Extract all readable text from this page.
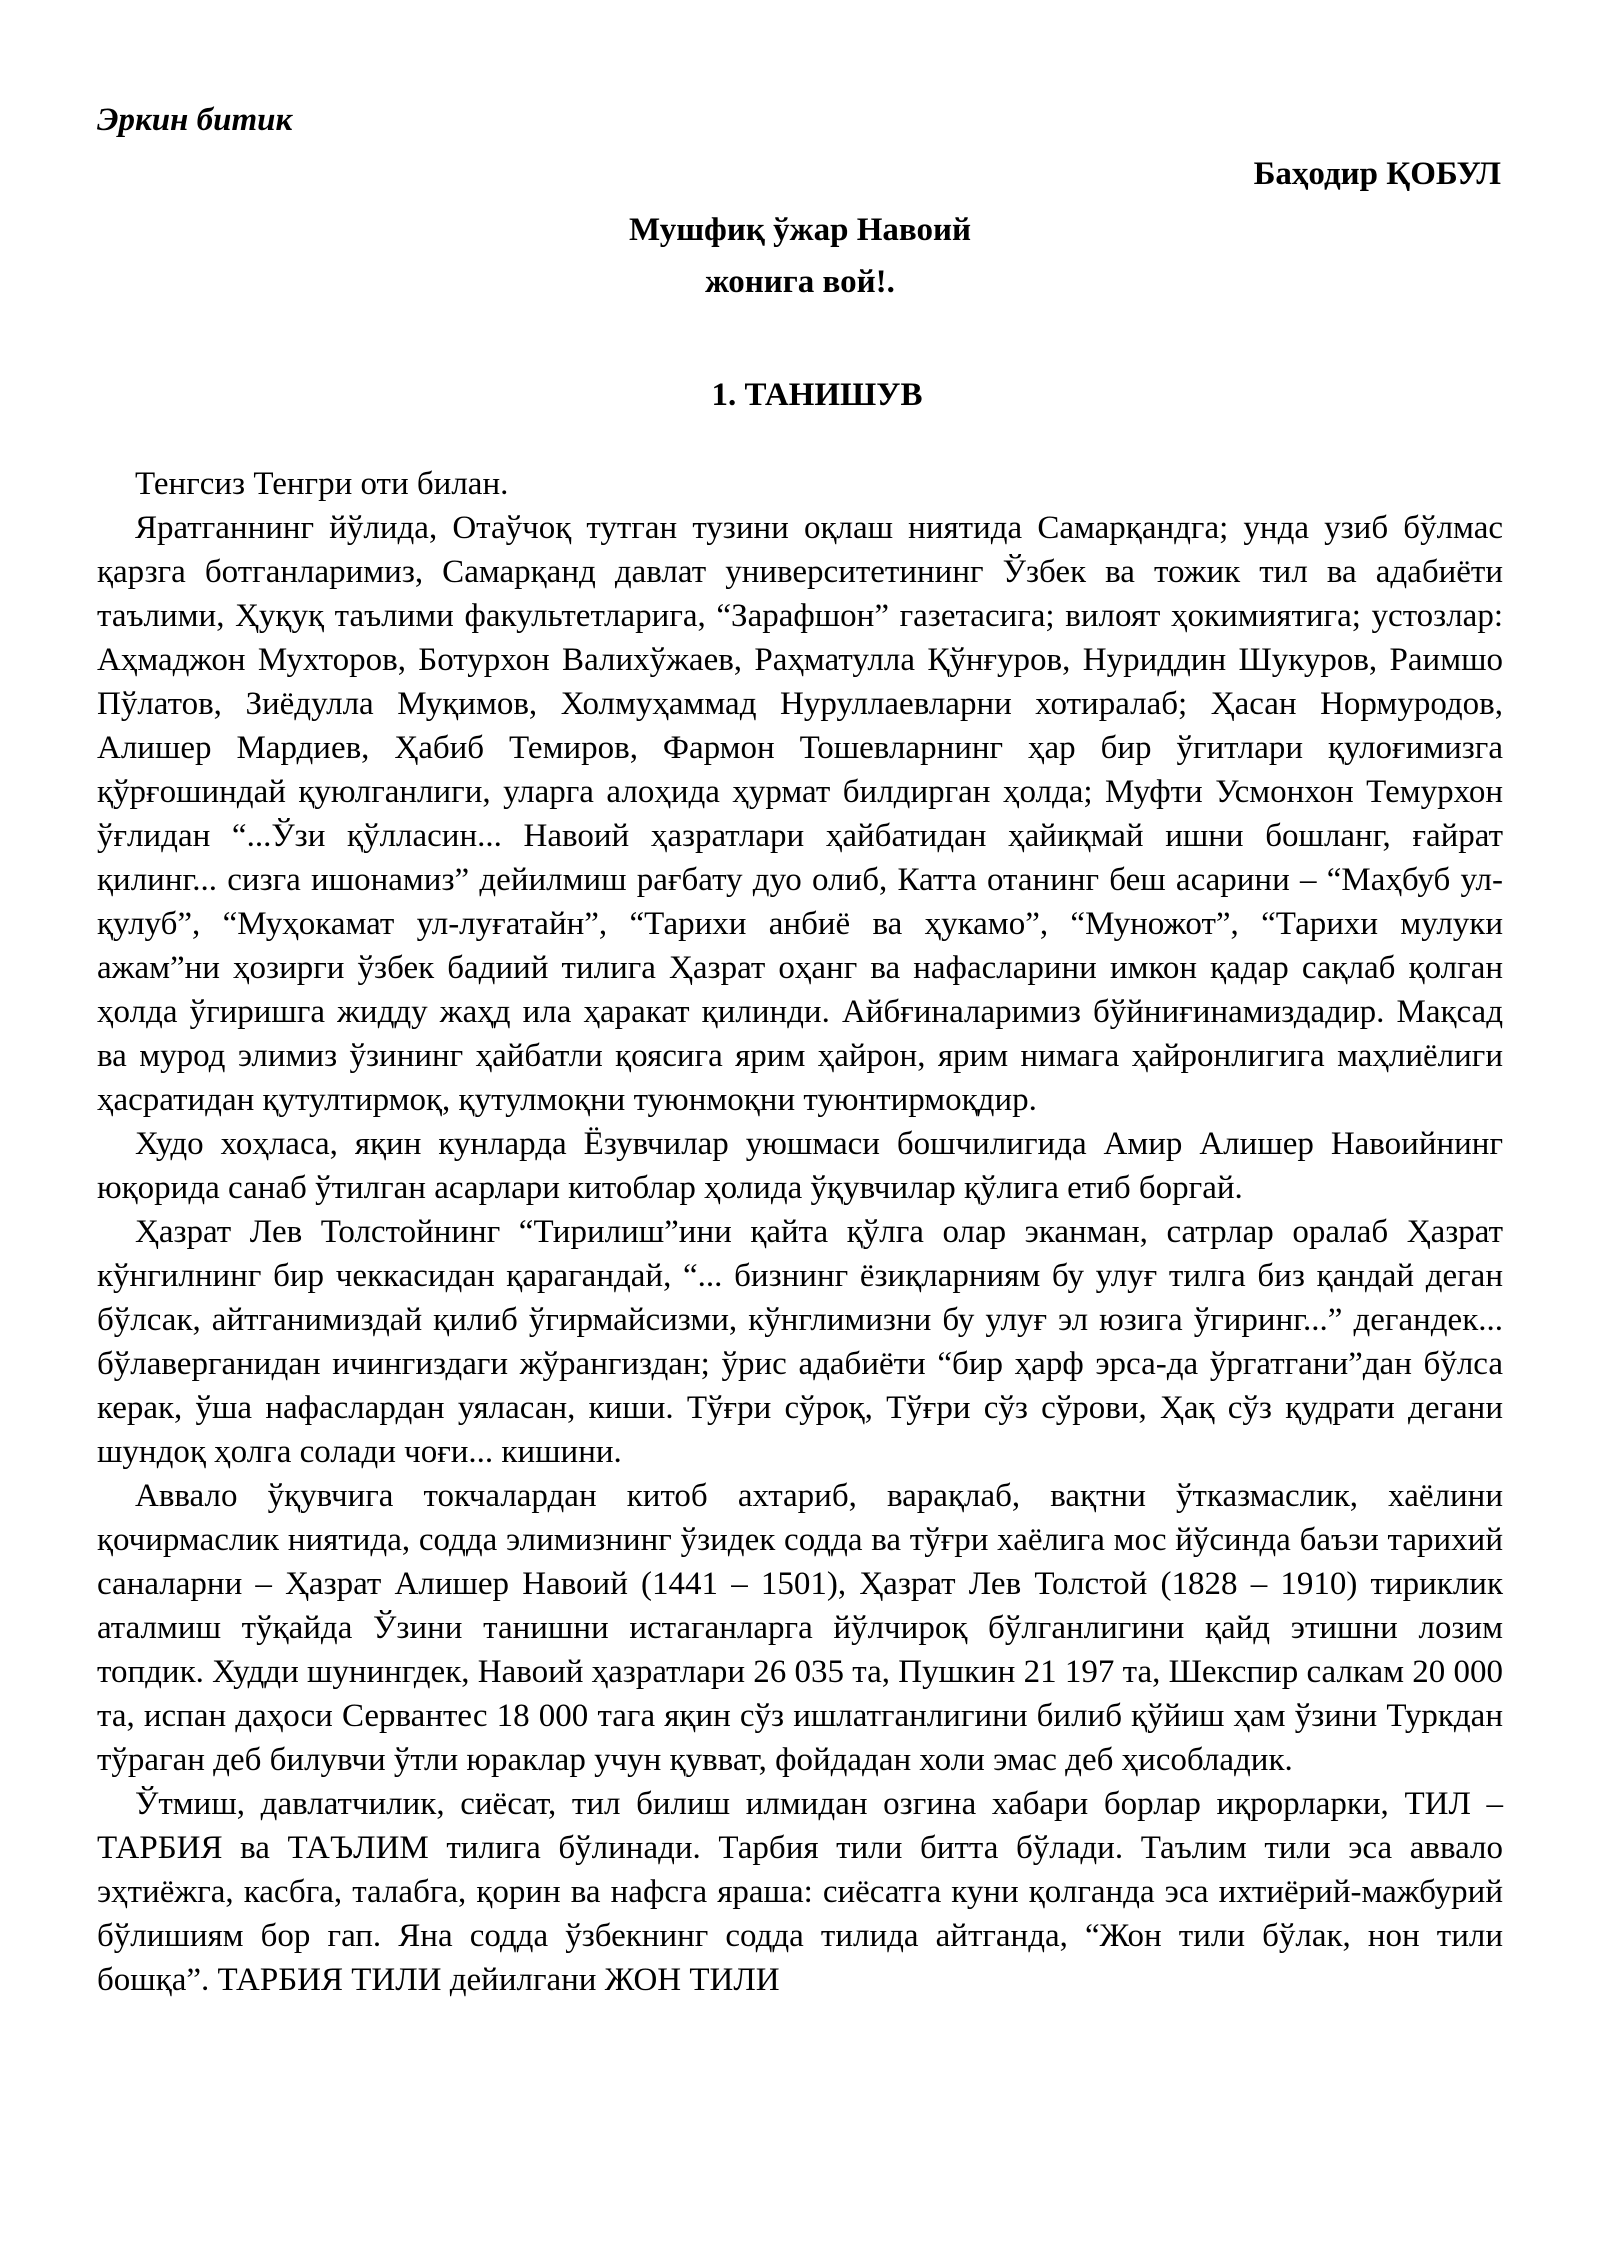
Эркин битик

Баҳодир ҚОБУЛ

Мушфиқ ўжар Навоий
жонига вой!.
1. ТАНИШУВ

Тенгсиз Тенгри оти билан.

Яратганнинг йўлида, Отаўчоқ тутган тузини оқлаш ниятида Самарқандга; унда узиб бўлмас қарзга ботганларимиз, Самарқанд давлат университетининг Ўзбек ва тожик тил ва адабиёти таълими, Ҳуқуқ таълими факультетларига, “Зарафшон” газетасига; вилоят ҳокимиятига; устозлар: Аҳмаджон Мухторов, Ботурхон Валихўжаев, Раҳматулла Қўнғуров, Нуриддин Шукуров, Раимшо Пўлатов, Зиёдулла Муқимов, Холмуҳаммад Нуруллаевларни хотиралаб; Ҳасан Нормуродов, Алишер Мардиев, Ҳабиб Темиров, Фармон Тошевларнинг ҳар бир ўгитлари қулоғимизга қўрғошиндай қуюлганлиги, уларга алоҳида ҳурмат билдирган ҳолда; Муфти Усмонхон Темурхон ўғлидан “...Ўзи қўлласин... Навоий ҳазратлари ҳайбатидан ҳайиқмай ишни бошланг, ғайрат қилинг... сизга ишонамиз” дейилмиш рағбату дуо олиб, Катта отанинг беш асарини – “Маҳбуб ул-қулуб”, “Муҳокамат ул-луғатайн”, “Тарихи анбиё ва ҳукамо”, “Муножот”, “Тарихи мулуки ажам”ни ҳозирги ўзбек бадиий тилига Ҳазрат оҳанг ва нафасларини имкон қадар сақлаб қолган ҳолда ўгиришга жидду жаҳд ила ҳаракат қилинди. Айбғиналаримиз бўйниғинамиздадир. Мақсад ва мурод элимиз ўзининг ҳайбатли қоясига ярим ҳайрон, ярим нимага ҳайронлигига маҳлиёлиги ҳасратидан қутултирмоқ, қутулмоқни туюнмоқни туюнтирмоқдир.

Худо хоҳласа, яқин кунларда Ёзувчилар уюшмаси бошчилигида Амир Алишер Навоийнинг юқорида санаб ўтилган асарлари китоблар ҳолида ўқувчилар қўлига етиб боргай.

Ҳазрат Лев Толстойнинг “Тирилиш”ини қайта қўлга олар эканман, сатрлар оралаб Ҳазрат кўнгилнинг бир чеккасидан қарагандай, “... бизнинг ёзиқларниям бу улуғ тилга биз қандай деган бўлсак, айтганимиздай қилиб ўгирмайсизми, кўнглимизни бу улуғ эл юзига ўгиринг...” дегандек... бўлаверганидан ичингиздаги жўрангиздан; ўрис адабиёти “бир ҳарф эрса-да ўргатгани”дан бўлса керак, ўша нафаслардан уяласан, киши. Тўғри сўроқ, Тўғри сўз сўрови, Ҳақ сўз қудрати дегани шундоқ ҳолга солади чоғи... кишини.

Аввало ўқувчига токчалардан китоб ахтариб, варақлаб, вақтни ўтказмаслик, хаёлини қочирмаслик ниятида, содда элимизнинг ўзидек содда ва тўғри хаёлига мос йўсинда баъзи тарихий саналарни – Ҳазрат Алишер Навоий (1441 – 1501), Ҳазрат Лев Толстой (1828 – 1910) тириклик аталмиш тўқайда Ўзини танишни истаганларга йўлчироқ бўлганлигини қайд этишни лозим топдик. Худди шунингдек, Навоий ҳазратлари 26 035 та, Пушкин 21 197 та, Шекспир салкам 20 000 та, испан даҳоси Сервантес 18 000 тага яқин сўз ишлатганлигини билиб қўйиш ҳам ўзини Туркдан тўраган деб билувчи ўтли юраклар учун қувват, фойдадан холи эмас деб ҳисобладик.

Ўтмиш, давлатчилик, сиёсат, тил билиш илмидан озгина хабари борлар иқрорларки, ТИЛ – ТАРБИЯ ва ТАЪЛИМ тилига бўлинади. Тарбия тили битта бўлади. Таълим тили эса аввало эҳтиёжга, касбга, талабга, қорин ва нафсга яраша: сиёсатга куни қолганда эса ихтиёрий-мажбурий бўлишиям бор гап. Яна содда ўзбекнинг содда тилида айтганда, “Жон тили бўлак, нон тили бошқа”. ТАРБИЯ ТИЛИ дейилгани ЖОН ТИЛИ
